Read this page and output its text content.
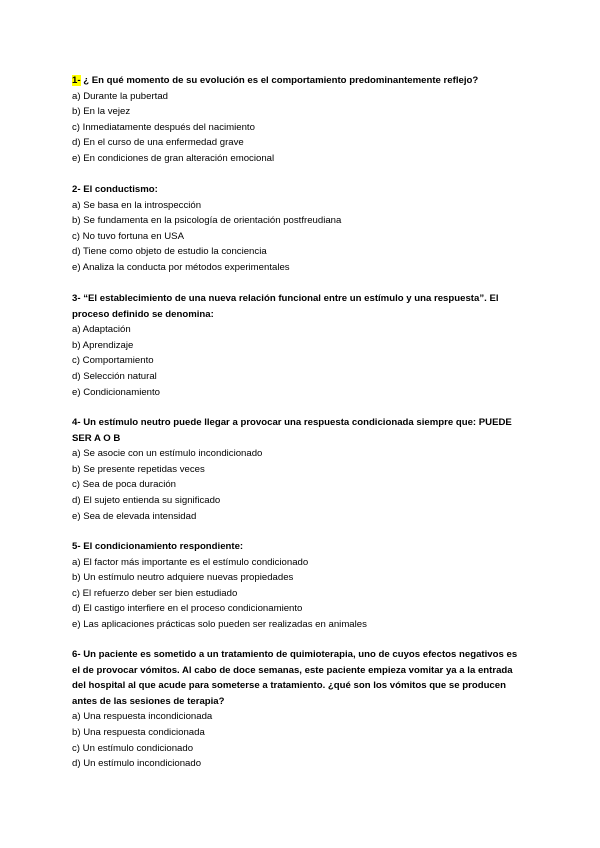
1- ¿ En qué momento de su evolución es el comportamiento predominantemente reflejo?
a) Durante la pubertad
b) En la vejez
c) Inmediatamente después del nacimiento
d) En el curso de una enfermedad grave
e) En condiciones de gran alteración emocional
2- El conductismo:
a) Se basa en la introspección
b) Se fundamenta en la psicología de orientación postfreudiana
c) No tuvo fortuna en USA
d) Tiene como objeto de estudio la conciencia
e) Analiza la conducta por métodos experimentales
3- “El establecimiento de una nueva relación funcional entre un estímulo y una respuesta”. El
proceso definido se denomina:
a) Adaptación
b) Aprendizaje
c) Comportamiento
d) Selección natural
e) Condicionamiento
4- Un estímulo neutro puede llegar a provocar una respuesta condicionada siempre que: PUEDE
SER A O B
a) Se asocie con un estímulo incondicionado
b) Se presente repetidas veces
c) Sea de poca duración
d) El sujeto entienda su significado
e) Sea de elevada intensidad
5- El condicionamiento respondiente:
a) El factor más importante es el estímulo condicionado
b) Un estímulo neutro adquiere nuevas propiedades
c) El refuerzo deber ser bien estudiado
d) El castigo interfiere en el proceso condicionamiento
e) Las aplicaciones prácticas solo pueden ser realizadas en animales
6- Un paciente es sometido a un tratamiento de quimioterapia, uno de cuyos efectos negativos es
el de provocar vómitos. Al cabo de doce semanas, este paciente empieza vomitar ya a la entrada
del hospital al que acude para someterse a tratamiento. ¿qué son los vómitos que se producen
antes de las sesiones de terapia?
a) Una respuesta incondicionada
b) Una respuesta condicionada
c) Un estímulo condicionado
d) Un estímulo incondicionado
